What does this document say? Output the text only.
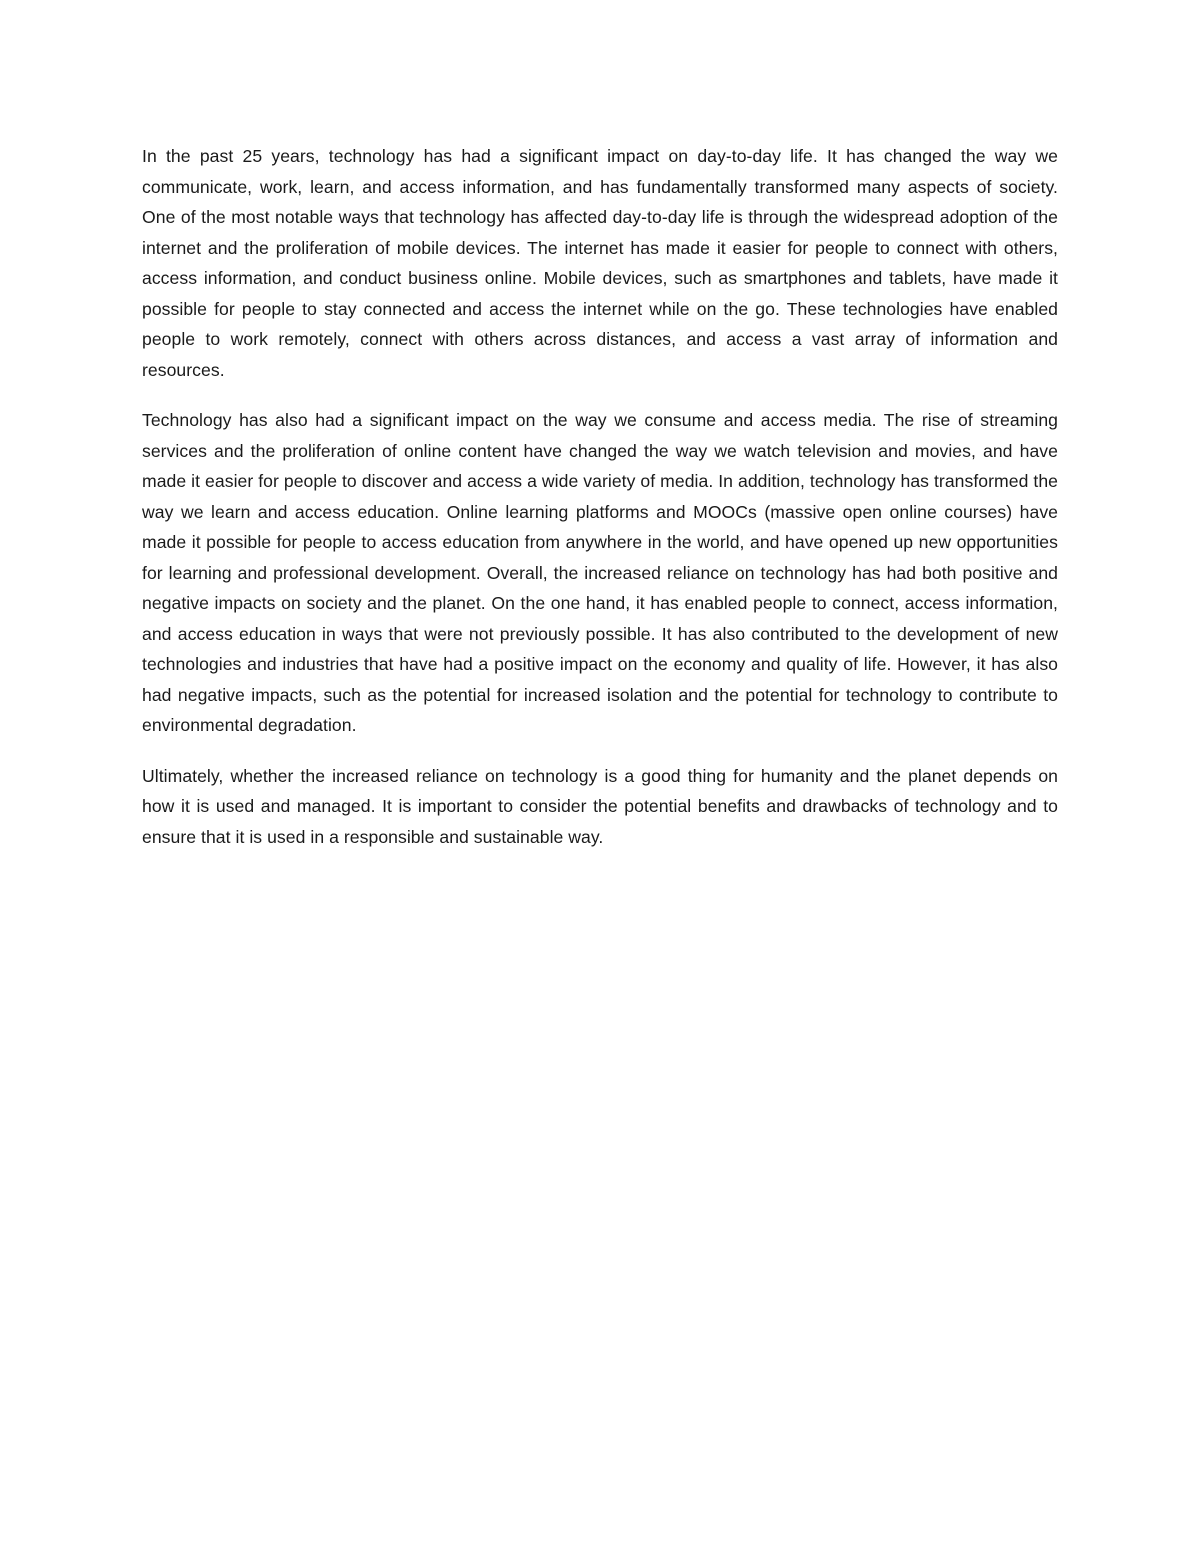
In the past 25 years, technology has had a significant impact on day-to-day life. It has changed the way we communicate, work, learn, and access information, and has fundamentally transformed many aspects of society. One of the most notable ways that technology has affected day-to-day life is through the widespread adoption of the internet and the proliferation of mobile devices. The internet has made it easier for people to connect with others, access information, and conduct business online. Mobile devices, such as smartphones and tablets, have made it possible for people to stay connected and access the internet while on the go. These technologies have enabled people to work remotely, connect with others across distances, and access a vast array of information and resources.

Technology has also had a significant impact on the way we consume and access media. The rise of streaming services and the proliferation of online content have changed the way we watch television and movies, and have made it easier for people to discover and access a wide variety of media. In addition, technology has transformed the way we learn and access education. Online learning platforms and MOOCs (massive open online courses) have made it possible for people to access education from anywhere in the world, and have opened up new opportunities for learning and professional development. Overall, the increased reliance on technology has had both positive and negative impacts on society and the planet. On the one hand, it has enabled people to connect, access information, and access education in ways that were not previously possible. It has also contributed to the development of new technologies and industries that have had a positive impact on the economy and quality of life. However, it has also had negative impacts, such as the potential for increased isolation and the potential for technology to contribute to environmental degradation.

Ultimately, whether the increased reliance on technology is a good thing for humanity and the planet depends on how it is used and managed. It is important to consider the potential benefits and drawbacks of technology and to ensure that it is used in a responsible and sustainable way.
